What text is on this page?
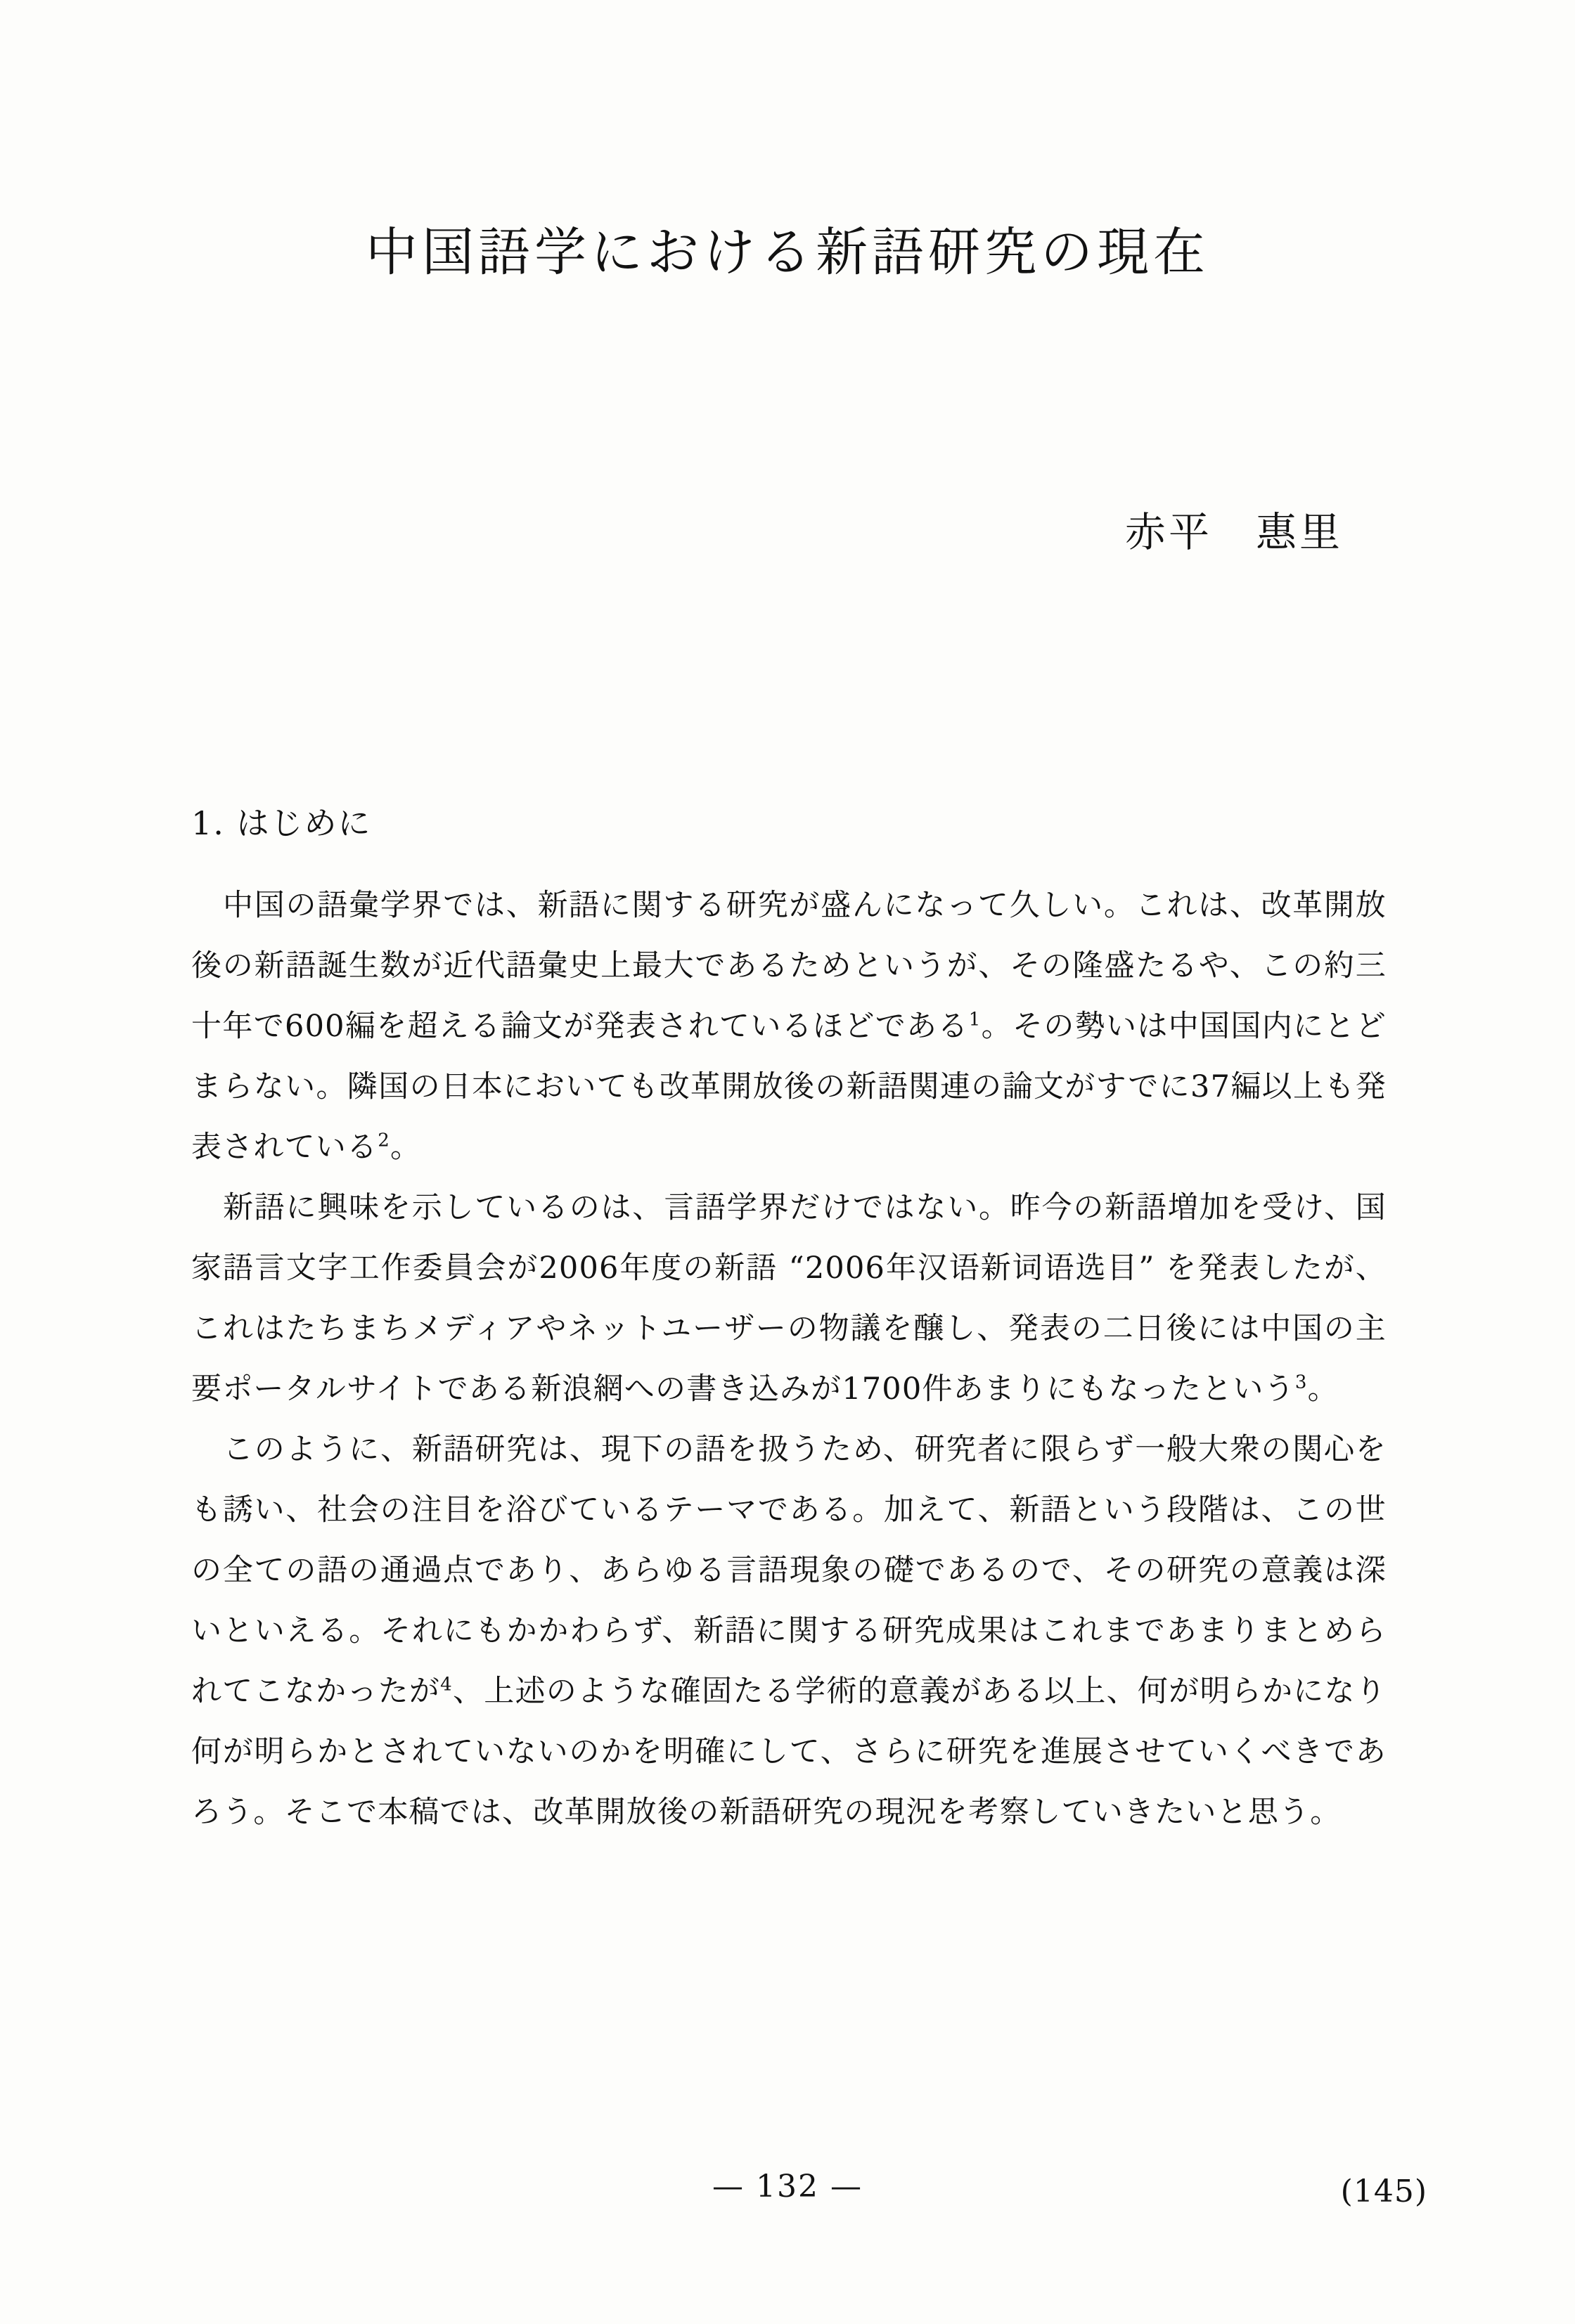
中国語学における新語研究の現在
赤平　惠里
1. はじめに

中国の語彙学界では、新語に関する研究が盛んになって久しい。これは、改革開放後の新語誕生数が近代語彙史上最大であるためというが、その隆盛たるや、この約三十年で600編を超える論文が発表されているほどである$^1$。その勢いは中国国内にとどまらない。隣国の日本においても改革開放後の新語関連の論文がすでに37編以上も発表されている$^2$。

新語に興味を示しているのは、言語学界だけではない。昨今の新語増加を受け、国家語言文字工作委員会が2006年度の新語 “2006年汉语新词语选目” を発表したが、これはたちまちメディアやネットユーザーの物議を醸し、発表の二日後には中国の主要ポータルサイトである新浪網への書き込みが1700件あまりにもなったという$^3$。

このように、新語研究は、現下の語を扱うため、研究者に限らず一般大衆の関心をも誘い、社会の注目を浴びているテーマである。加えて、新語という段階は、この世の全ての語の通過点であり、あらゆる言語現象の礎であるので、その研究の意義は深いといえる。それにもかかわらず、新語に関する研究成果はこれまであまりまとめられてこなかったが$^4$、上述のような確固たる学術的意義がある以上、何が明らかになり何が明らかとされていないのかを明確にして、さらに研究を進展させていくべきであろう。そこで本稿では、改革開放後の新語研究の現況を考察していきたいと思う。

— 132 —	(145)
